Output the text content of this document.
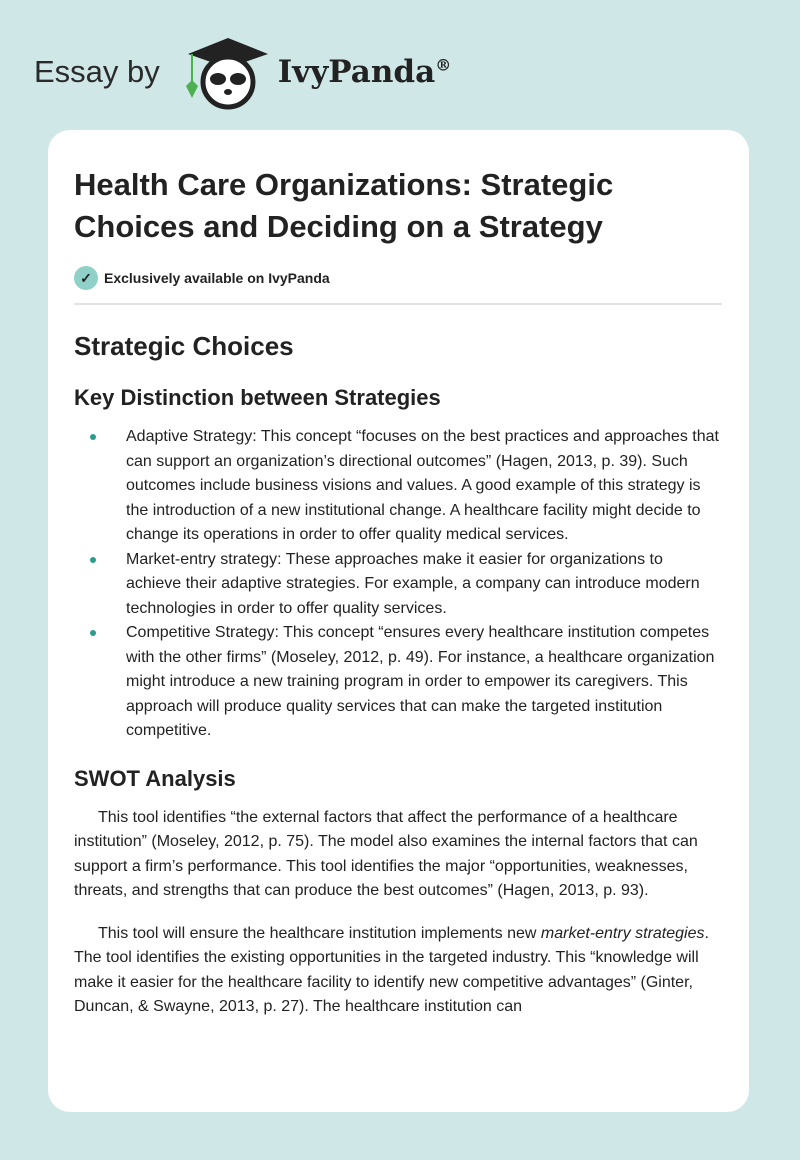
Essay by	IvyPanda®
Health Care Organizations: Strategic Choices and Deciding on a Strategy
✓ Exclusively available on IvyPanda
Strategic Choices
Key Distinction between Strategies
Adaptive Strategy: This concept “focuses on the best practices and approaches that can support an organization’s directional outcomes” (Hagen, 2013, p. 39). Such outcomes include business visions and values. A good example of this strategy is the introduction of a new institutional change. A healthcare facility might decide to change its operations in order to offer quality medical services.
Market-entry strategy: These approaches make it easier for organizations to achieve their adaptive strategies. For example, a company can introduce modern technologies in order to offer quality services.
Competitive Strategy: This concept “ensures every healthcare institution competes with the other firms” (Moseley, 2012, p. 49). For instance, a healthcare organization might introduce a new training program in order to empower its caregivers. This approach will produce quality services that can make the targeted institution competitive.
SWOT Analysis

This tool identifies “the external factors that affect the performance of a healthcare institution” (Moseley, 2012, p. 75). The model also examines the internal factors that can support a firm’s performance. This tool identifies the major “opportunities, weaknesses, threats, and strengths that can produce the best outcomes” (Hagen, 2013, p. 93).

This tool will ensure the healthcare institution implements new market-entry strategies. The tool identifies the existing opportunities in the targeted industry. This “knowledge will make it easier for the healthcare facility to identify new competitive advantages” (Ginter, Duncan, & Swayne, 2013, p. 27). The healthcare institution can
